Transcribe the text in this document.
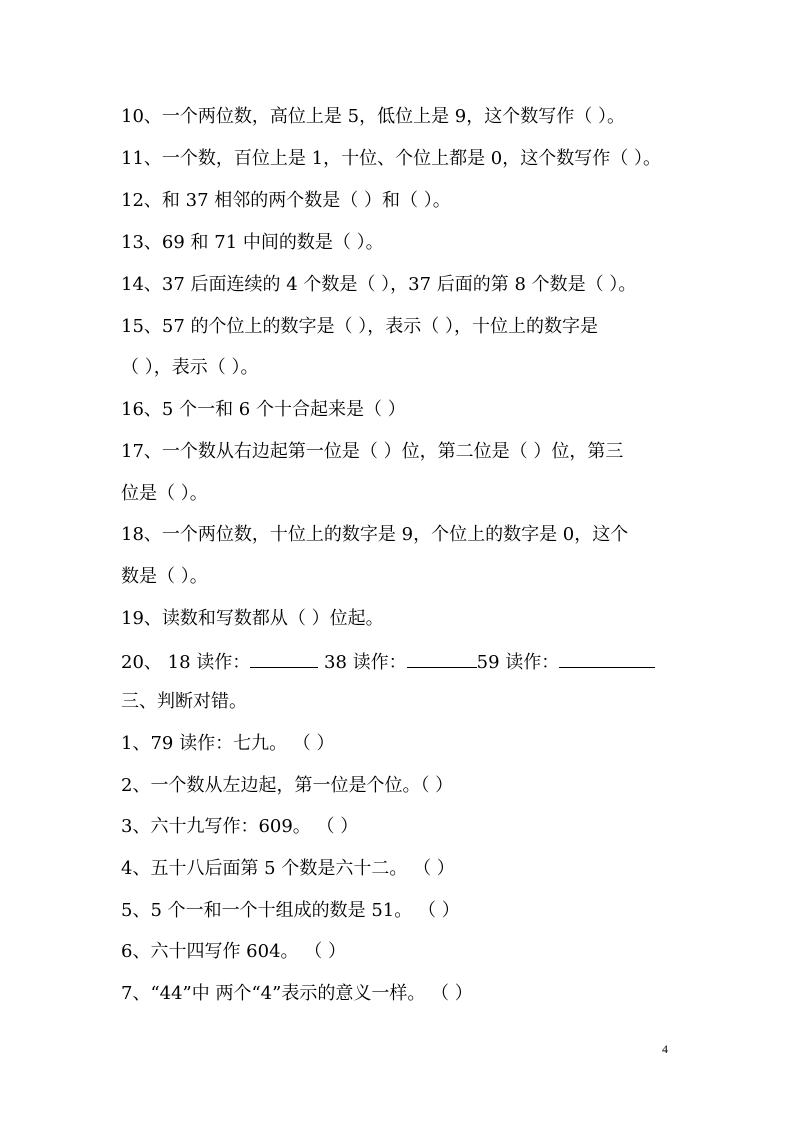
10、一个两位数，高位上是 5，低位上是 9，这个数写作（ ）。
11、一个数，百位上是 1，十位、个位上都是 0，这个数写作（ ）。
12、和 37 相邻的两个数是（ ）和（ ）。
13、69 和 71 中间的数是（ ）。
14、37 后面连续的 4 个数是（ ），37 后面的第 8 个数是（ ）。
15、57 的个位上的数字是（ ），表示（ ），十位上的数字是
（ ），表示（ ）。
16、5 个一和 6 个十合起来是（ ）
17、一个数从右边起第一位是（ ）位，第二位是（ ）位，第三
位是（ ）。
18、一个两位数，十位上的数字是 9，个位上的数字是 0，这个
数是（ ）。
19、读数和写数都从（ ）位起。
20、 18 读作：	38 读作：	59 读作：
三、判断对错。
1、79 读作：七九。 （ ）
2、一个数从左边起，第一位是个位。（ ）
3、六十九写作：609。 （ ）
4、五十八后面第 5 个数是六十二。 （ ）
5、5 个一和一个十组成的数是 51。 （ ）
6、六十四写作 604。 （ ）
7、“44”中 两个“4”表示的意义一样。 （ ）
4
